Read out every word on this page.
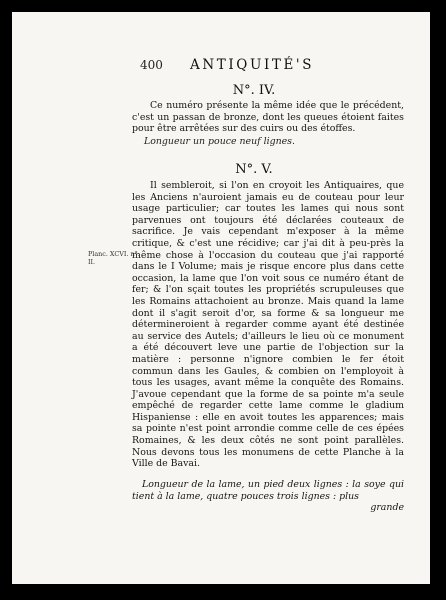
400 ANTIQUITÉ'S
N°. IV.

Ce numéro présente la même idée que le précédent, c'est un passan de bronze, dont les queues étoient faites pour être arrêtées sur des cuirs ou des étoffes.

Longueur un pouce neuf lignes.
N°. V.
Planc. XCVI. n°. II.

Il sembleroit, si l'on en croyoit les Antiquaires, que les Anciens n'auroient jamais eu de couteau pour leur usage particulier; car toutes les lames qui nous sont parvenues ont toujours été déclarées couteaux de sacrifice. Je vais cependant m'exposer à la même critique, & c'est une récidive; car j'ai dit à peu-près la même chose à l'occasion du couteau que j'ai rapporté dans le I Volume; mais je risque encore plus dans cette occasion, la lame que l'on voit sous ce numéro étant de fer; & l'on sçait toutes les propriétés scrupuleuses que les Romains attachoient au bronze. Mais quand la lame dont il s'agit seroit d'or, sa forme & sa longueur me détermineroient à regarder comme ayant été destinée au service des Autels; d'ailleurs le lieu où ce monument a été découvert leve une partie de l'objection sur la matière : personne n'ignore combien le fer étoit commun dans les Gaules, & combien on l'employoit à tous les usages, avant même la conquête des Romains. J'avoue cependant que la forme de sa pointe m'a seule empêché de regarder cette lame comme le gladium Hispaniense : elle en avoit toutes les apparences; mais sa pointe n'est point arrondie comme celle de ces épées Romaines, & les deux côtés ne sont point parallèles. Nous devons tous les monumens de cette Planche à la Ville de Bavai.

Longueur de la lame, un pied deux lignes : la soye qui tient à la lame, quatre pouces trois lignes : plus

grande
